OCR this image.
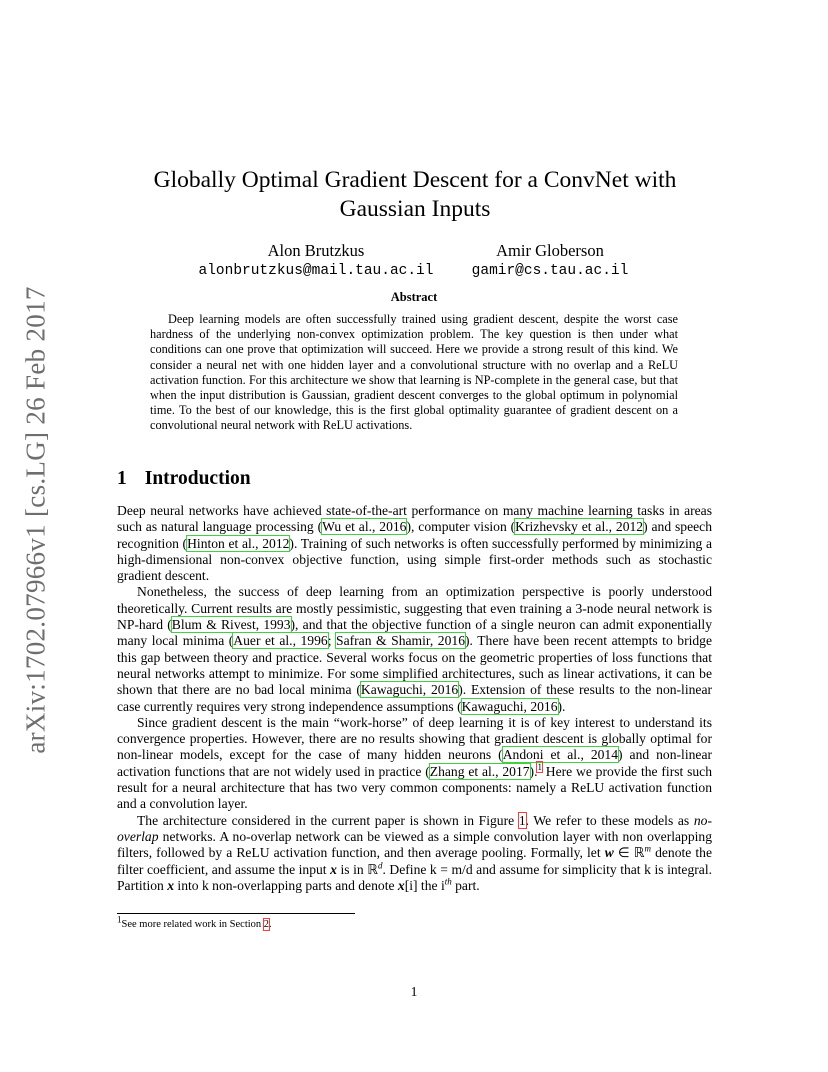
arXiv:1702.07966v1 [cs.LG] 26 Feb 2017
Globally Optimal Gradient Descent for a ConvNet with
Gaussian Inputs
Alon Brutzkus
alonbrutzkus@mail.tau.ac.il
Amir Globerson
gamir@cs.tau.ac.il
Abstract

Deep learning models are often successfully trained using gradient descent, despite the worst case hardness of the underlying non-convex optimization problem. The key question is then under what conditions can one prove that optimization will succeed. Here we provide a strong result of this kind. We consider a neural net with one hidden layer and a convolutional structure with no overlap and a ReLU activation function. For this architecture we show that learning is NP-complete in the general case, but that when the input distribution is Gaussian, gradient descent converges to the global optimum in polynomial time. To the best of our knowledge, this is the first global optimality guarantee of gradient descent on a convolutional neural network with ReLU activations.

1 Introduction

Deep neural networks have achieved state-of-the-art performance on many machine learning tasks in areas such as natural language processing (Wu et al., 2016), computer vision (Krizhevsky et al., 2012) and speech recognition (Hinton et al., 2012). Training of such networks is often successfully performed by minimizing a high-dimensional non-convex objective function, using simple first-order methods such as stochastic gradient descent.

Nonetheless, the success of deep learning from an optimization perspective is poorly understood theoretically. Current results are mostly pessimistic, suggesting that even training a 3-node neural network is NP-hard (Blum & Rivest, 1993), and that the objective function of a single neuron can admit exponentially many local minima (Auer et al., 1996; Safran & Shamir, 2016). There have been recent attempts to bridge this gap between theory and practice. Several works focus on the geometric properties of loss functions that neural networks attempt to minimize. For some simplified architectures, such as linear activations, it can be shown that there are no bad local minima (Kawaguchi, 2016). Extension of these results to the non-linear case currently requires very strong independence assumptions (Kawaguchi, 2016).

Since gradient descent is the main “work-horse” of deep learning it is of key interest to understand its convergence properties. However, there are no results showing that gradient descent is globally optimal for non-linear models, except for the case of many hidden neurons (Andoni et al., 2014) and non-linear activation functions that are not widely used in practice (Zhang et al., 2017).$^1$ Here we provide the first such result for a neural architecture that has two very common components: namely a ReLU activation function and a convolution layer.

The architecture considered in the current paper is shown in Figure 1. We refer to these models as no-overlap networks. A no-overlap network can be viewed as a simple convolution layer with non overlapping filters, followed by a ReLU activation function, and then average pooling. Formally, let w ∈ ℝ$^m$ denote the filter coefficient, and assume the input x is in ℝ$^d$. Define k = m/d and assume for simplicity that k is integral. Partition x into k non-overlapping parts and denote x[i] the $i^{th}$ part.

$^1$See more related work in Section 2.
1
